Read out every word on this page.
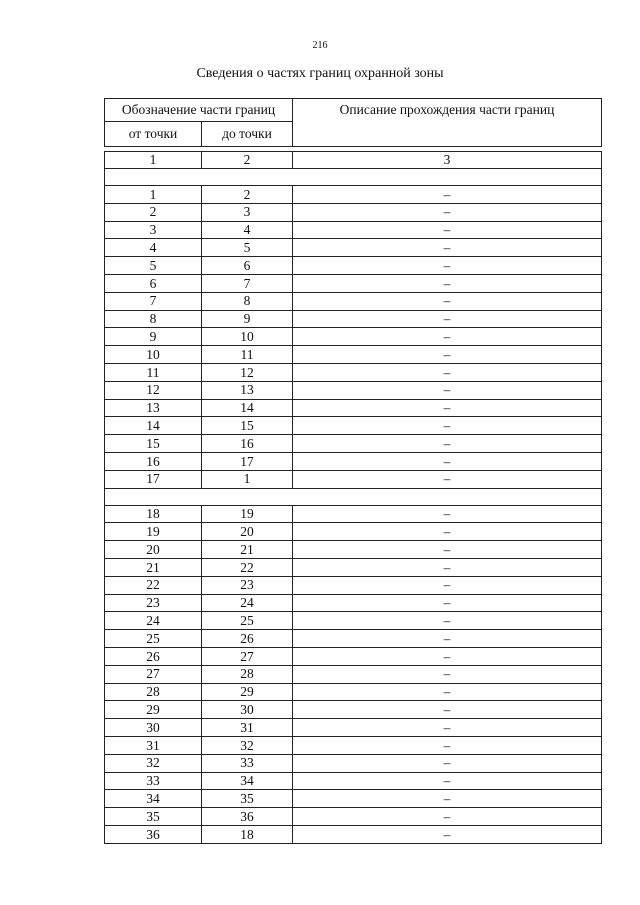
216
Сведения о частях границ охранной зоны
Обозначение части границ		Описание прохождения части границ
от точки	до точки	

1	2	3

1	2	–
2	3	–
3	4	–
4	5	–
5	6	–
6	7	–
7	8	–
8	9	–
9	10	–
10	11	–
11	12	–
12	13	–
13	14	–
14	15	–
15	16	–
16	17	–
17	1	–

18	19	–
19	20	–
20	21	–
21	22	–
22	23	–
23	24	–
24	25	–
25	26	–
26	27	–
27	28	–
28	29	–
29	30	–
30	31	–
31	32	–
32	33	–
33	34	–
34	35	–
35	36	–
36	18	–
